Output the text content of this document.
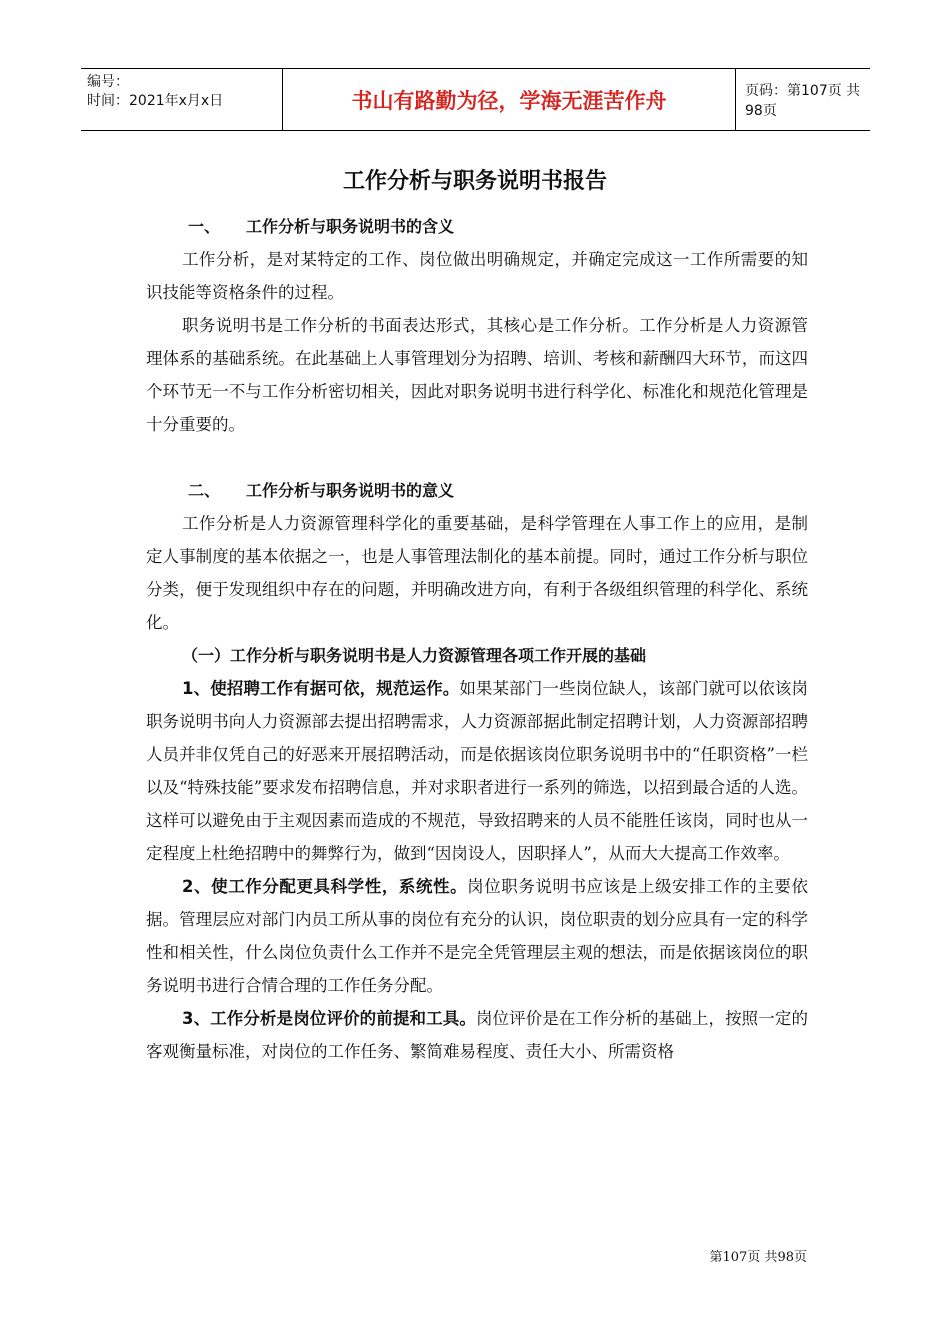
编号：
时间：2021年x月x日	书山有路勤为径，学海无涯苦作舟	页码：第107页 共98页
工作分析与职务说明书报告
一、 工作分析与职务说明书的含义

工作分析，是对某特定的工作、岗位做出明确规定，并确定完成这一工作所需要的知识技能等资格条件的过程。

职务说明书是工作分析的书面表达形式，其核心是工作分析。工作分析是人力资源管理体系的基础系统。在此基础上人事管理划分为招聘、培训、考核和薪酬四大环节，而这四个环节无一不与工作分析密切相关，因此对职务说明书进行科学化、标准化和规范化管理是十分重要的。

二、 工作分析与职务说明书的意义

工作分析是人力资源管理科学化的重要基础，是科学管理在人事工作上的应用，是制定人事制度的基本依据之一，也是人事管理法制化的基本前提。同时，通过工作分析与职位分类，便于发现组织中存在的问题，并明确改进方向，有利于各级组织管理的科学化、系统化。

（一）工作分析与职务说明书是人力资源管理各项工作开展的基础

1、使招聘工作有据可依，规范运作。如果某部门一些岗位缺人，该部门就可以依该岗职务说明书向人力资源部去提出招聘需求，人力资源部据此制定招聘计划，人力资源部招聘人员并非仅凭自己的好恶来开展招聘活动，而是依据该岗位职务说明书中的“任职资格”一栏以及“特殊技能”要求发布招聘信息，并对求职者进行一系列的筛选，以招到最合适的人选。这样可以避免由于主观因素而造成的不规范，导致招聘来的人员不能胜任该岗，同时也从一定程度上杜绝招聘中的舞弊行为，做到“因岗设人，因职择人”，从而大大提高工作效率。

2、使工作分配更具科学性，系统性。岗位职务说明书应该是上级安排工作的主要依据。管理层应对部门内员工所从事的岗位有充分的认识，岗位职责的划分应具有一定的科学性和相关性，什么岗位负责什么工作并不是完全凭管理层主观的想法，而是依据该岗位的职务说明书进行合情合理的工作任务分配。

3、工作分析是岗位评价的前提和工具。岗位评价是在工作分析的基础上，按照一定的客观衡量标准，对岗位的工作任务、繁简难易程度、责任大小、所需资格

第107页 共98页
